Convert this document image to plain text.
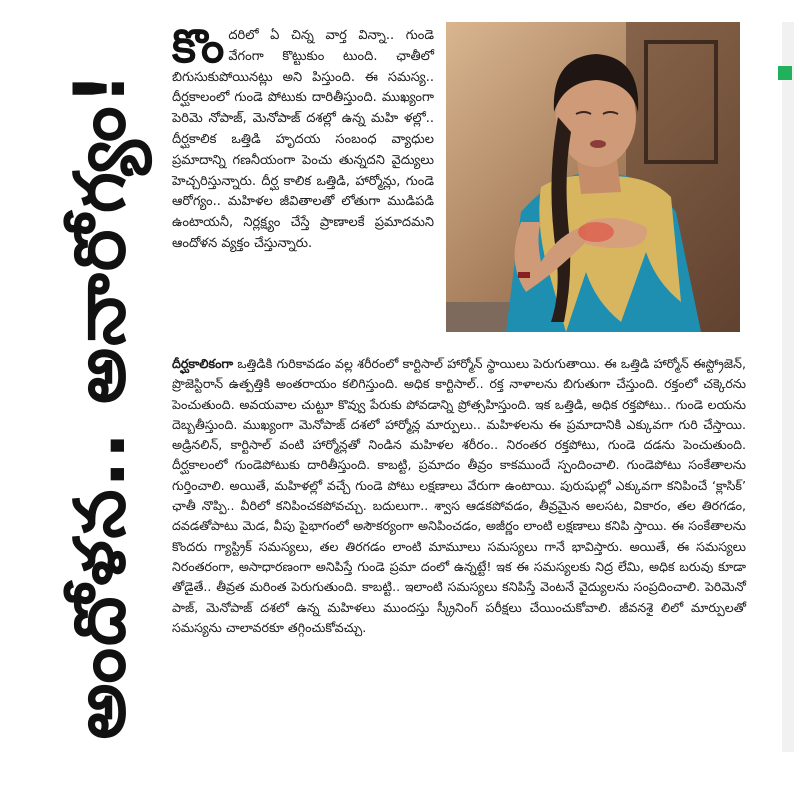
అందోళన.. అనారోగ్యం!
కొం దరిలో ఏ చిన్న వార్త విన్నా.. గుండె వేగంగా కొట్టుకుం టుంది. ఛాతీలో బిగుసుకుపోయినట్లు అని పిస్తుంది. ఈ సమస్య.. దీర్ఘకాలంలో గుండె పోటుకు దారితీస్తుంది. ముఖ్యంగా పెరిమె నోపాజ్, మెనోపాజ్ దశల్లో ఉన్న మహి ళల్లో.. దీర్ఘకాలిక ఒత్తిడి హృదయ సంబంధ వ్యాధుల ప్రమాదాన్ని గణనీయంగా పెంచు తున్నదని వైద్యులు హెచ్చరిస్తున్నారు. దీర్ఘ కాలిక ఒత్తిడి, హార్మోన్లు, గుండె ఆరోగ్యం.. మహిళల జీవితాలతో లోతుగా ముడిపడి ఉంటాయనీ, నిర్లక్ష్యం చేస్తే ప్రాణాలకే ప్రమాదమని ఆందోళన వ్యక్తం చేస్తున్నారు.
దీర్ఘకాలికంగా ఒత్తిడికి గురికావడం వల్ల శరీరంలో కార్టిసాల్ హార్మోన్ స్థాయిలు పెరుగుతాయి. ఈ ఒత్తిడి హార్మోన్ ఈస్ట్రోజెన్, ప్రొజెస్టిరాన్ ఉత్పత్తికి అంతరాయం కలిగిస్తుంది. అధిక కార్టిసాల్.. రక్త నాళాలను బిగుతుగా చేస్తుంది. రక్తంలో చక్కెరను పెంచుతుంది. అవయవాల చుట్టూ కొవ్వు పేరుకు పోవడాన్ని ప్రోత్సహిస్తుంది. ఇక ఒత్తిడి, అధిక రక్తపోటు.. గుండె లయను దెబ్బతీస్తుంది. ముఖ్యంగా మెనోపాజ్ దశలో హార్మోన్ల మార్పులు.. మహిళలను ఈ ప్రమాదానికి ఎక్కువగా గురి చేస్తాయి. అడ్రినలిన్, కార్టిసాల్ వంటి హార్మోన్లతో నిండిన మహిళల శరీరం.. నిరంతర రక్తపోటు, గుండె దడను పెంచుతుంది. దీర్ఘకాలంలో గుండెపోటుకు దారితీస్తుంది. కాబట్టి, ప్రమాదం తీవ్రం కాకముందే స్పందించాలి. గుండెపోటు సంకేతాలను గుర్తించాలి. అయితే, మహిళల్లో వచ్చే గుండె పోటు లక్షణాలు వేరుగా ఉంటాయి. పురుషుల్లో ఎక్కువగా కనిపించే ‘క్లాసిక్’ ఛాతీ నొప్పి.. వీరిలో కనిపించకపోవచ్చు. బదులుగా.. శ్వాస ఆడకపోవడం, తీవ్రమైన అలసట, వికారం, తల తిరగడం, దవడతోపాటు మెడ, వీపు పైభాగంలో అసౌకర్యంగా అనిపించడం, అజీర్ణం లాంటి లక్షణాలు కనిపి స్తాయి. ఈ సంకేతాలను కొందరు గ్యాస్ట్రిక్ సమస్యలు, తల తిరగడం లాంటి మామూలు సమస్యలు గానే భావిస్తారు. అయితే, ఈ సమస్యలు నిరంతరంగా, అసాధారణంగా అనిపిస్తే గుండె ప్రమా దంలో ఉన్నట్టే! ఇక ఈ సమస్యలకు నిద్ర లేమి, అధిక బరువు కూడా తోడైతే.. తీవ్రత మరింత పెరుగుతుంది. కాబట్టి.. ఇలాంటి సమస్యలు కనిపిస్తే వెంటనే వైద్యులను సంప్రదించాలి. పెరిమెనో పాజ్, మెనోపాజ్ దశలో ఉన్న మహిళలు ముందస్తు స్క్రీనింగ్ పరీక్షలు చేయించుకోవాలి. జీవనశై లిలో మార్పులతో సమస్యను చాలావరకూ తగ్గించుకోవచ్చు.
